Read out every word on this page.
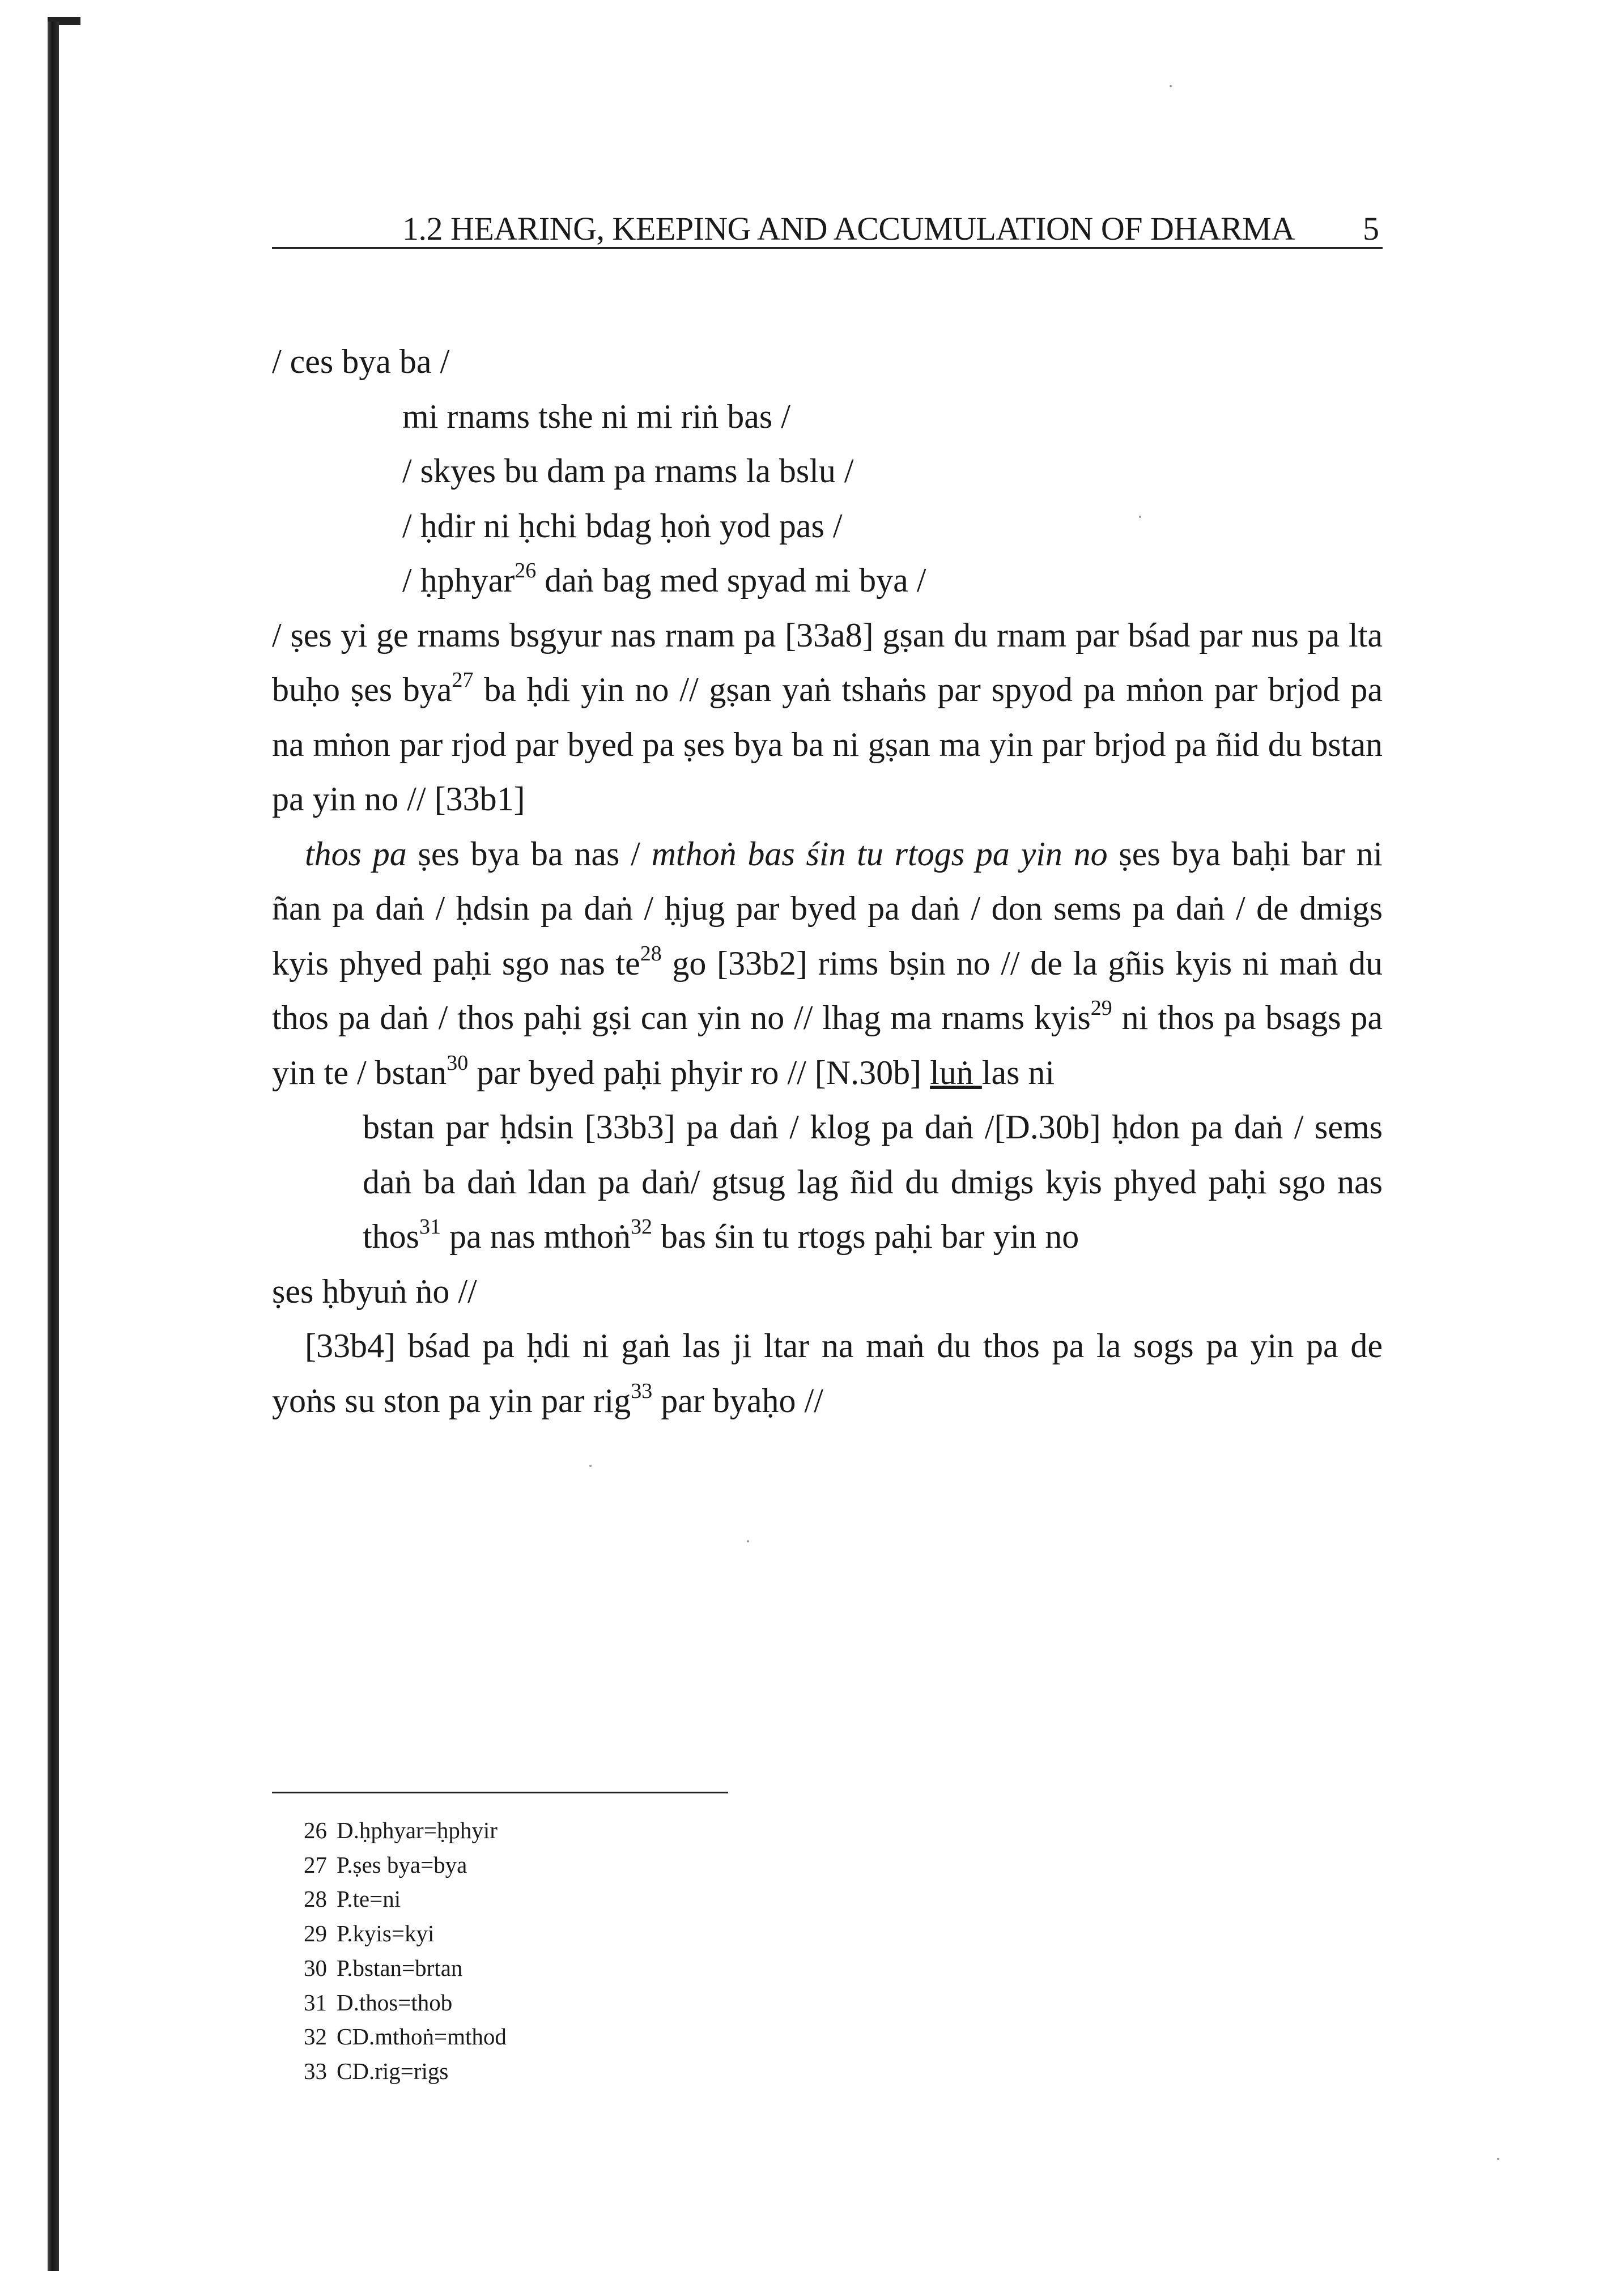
1.2 HEARING, KEEPING AND ACCUMULATION OF DHARMA 5

/ ces bya ba /

mi rnams tshe ni mi riṅ bas /

/ skyes bu dam pa rnams la bslu /

/ ḥdir ni ḥchi bdag ḥoṅ yod pas /

/ ḥphyar$^{26}$ daṅ bag med spyad mi bya /

/ ṣes yi ge rnams bsgyur nas rnam pa [33a8] gṣan du rnam par bśad par nus pa lta buḥo ṣes bya$^{27}$ ba ḥdi yin no // gṣan yaṅ tshaṅs par spyod pa mṅon par brjod pa na mṅon par rjod par byed pa ṣes bya ba ni gṣan ma yin par brjod pa ñid du bstan pa yin no // [33b1]

thos pa ṣes bya ba nas / mthoṅ bas śin tu rtogs pa yin no ṣes bya baḥi bar ni ñan pa daṅ / ḥdsin pa daṅ / ḥjug par byed pa daṅ / don sems pa daṅ / de dmigs kyis phyed paḥi sgo nas $te^{28}$ go [33b2] rims bṣin no // de la gñis kyis ni maṅ du thos pa daṅ / thos paḥi gṣi can yin no // lhag ma rnams kyis$^{29}$ ni thos pa bsags pa yin te / bstan$^{30}$ par byed paḥi phyir ro // [N.30b] luṅ las ni

bstan par ḥdsin [33b3] pa daṅ / klog pa daṅ /[D.30b] ḥdon pa daṅ / sems daṅ ba daṅ ldan pa daṅ/ gtsug lag ñid du dmigs kyis phyed paḥi sgo nas thos$^{31}$ pa nas mthoṅ$^{32}$ bas śin tu rtogs paḥi bar yin no

ṣes ḥbyuṅ ṅo //

[33b4] bśad pa ḥdi ni gaṅ las ji ltar na maṅ du thos pa la sogs pa yin pa de yoṅs su ston pa yin par rig$^{33}$ par byaḥo //

26 D.ḥphyar=ḥphyir
27 P.ṣes bya=bya
28 P.te=ni
29 P.kyis=kyi
30 P.bstan=brtan
31 D.thos=thob
32 CD.mthoṅ=mthod
33 CD.rig=rigs
